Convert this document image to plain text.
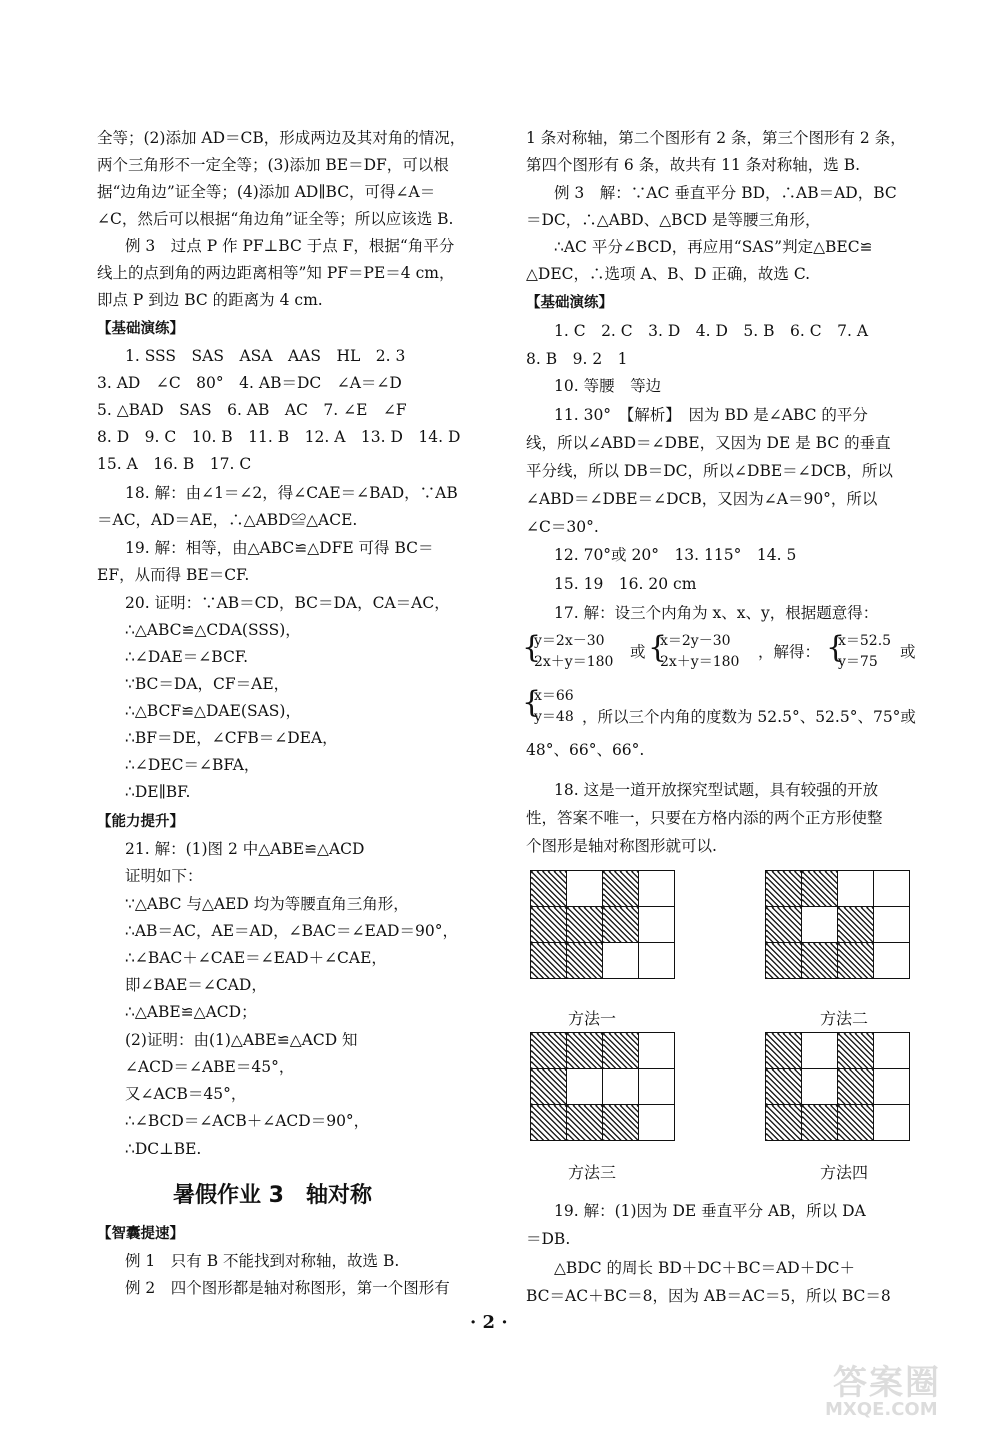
全等；(2)添加 AD＝CB，形成两边及其对角的情况，
两个三角形不一定全等；(3)添加 BE＝DF，可以根
据“边角边”证全等；(4)添加 AD∥BC，可得∠A＝
∠C，然后可以根据“角边角”证全等；所以应该选 B.
例 3　过点 P 作 PF⊥BC 于点 F，根据“角平分
线上的点到角的两边距离相等”知 PF＝PE＝4 cm，
即点 P 到边 BC 的距离为 4 cm.
【基础演练】
1. SSS　SAS　ASA　AAS　HL　2. 3
3. AD　∠C　80°　4. AB＝DC　∠A＝∠D
5. △BAD　SAS　6. AB　AC　7. ∠E　∠F
8. D　9. C　10. B　11. B　12. A　13. D　14. D
15. A　16. B　17. C
18. 解：由∠1＝∠2，得∠CAE＝∠BAD，∵AB
＝AC，AD＝AE，∴△ABD≌△ACE.
19. 解：相等，由△ABC≌△DFE 可得 BC＝
EF，从而得 BE＝CF.
20. 证明：∵AB＝CD，BC＝DA，CA＝AC，
∴△ABC≌△CDA(SSS)，
∴∠DAE＝∠BCF.
∵BC＝DA，CF＝AE，
∴△BCF≌△DAE(SAS)，
∴BF＝DE，∠CFB＝∠DEA，
∴∠DEC＝∠BFA，
∴DE∥BF.
【能力提升】
21. 解：(1)图 2 中△ABE≌△ACD
证明如下：
∵△ABC 与△AED 均为等腰直角三角形，
∴AB＝AC，AE＝AD，∠BAC＝∠EAD＝90°，
∴∠BAC＋∠CAE＝∠EAD＋∠CAE，
即∠BAE＝∠CAD，
∴△ABE≌△ACD；
(2)证明：由(1)△ABE≌△ACD 知
∠ACD＝∠ABE＝45°，
又∠ACB＝45°，
∴∠BCD＝∠ACB＋∠ACD＝90°，
∴DC⊥BE.
暑假作业 3　轴对称
【智囊提速】
例 1　只有 B 不能找到对称轴，故选 B.
例 2　四个图形都是轴对称图形，第一个图形有
1 条对称轴，第二个图形有 2 条，第三个图形有 2 条，
第四个图形有 6 条，故共有 11 条对称轴，选 B.
例 3　解：∵AC 垂直平分 BD，∴AB＝AD，BC
＝DC，∴△ABD、△BCD 是等腰三角形，
∴AC 平分∠BCD，再应用“SAS”判定△BEC≌
△DEC，∴选项 A、B、D 正确，故选 C.
【基础演练】
1. C　2. C　3. D　4. D　5. B　6. C　7. A
8. B　9. 2　1
10. 等腰　等边
11. 30°　【解析】　因为 BD 是∠ABC 的平分
线，所以∠ABD＝∠DBE，又因为 DE 是 BC 的垂直
平分线，所以 DB＝DC，所以∠DBE＝∠DCB，所以
∠ABD＝∠DBE＝∠DCB，又因为∠A＝90°，所以
∠C＝30°.
12. 70°或 20°　13. 115°　14. 5
15. 19　16. 20 cm
17. 解：设三个内角为 x、x、y，根据题意得：
{
y＝2x－30
2x＋y＝180
或 {
x＝2y－30
2x＋y＝180
，解得： {
x＝52.5
y＝75
或
{
x＝66
y＝48 ，所以三个内角的度数为 52.5°、52.5°、75°或
48°、66°、66°.
18. 这是一道开放探究型试题，具有较强的开放
性，答案不唯一，只要在方格内添的两个正方形使整
个图形是轴对称图形就可以.

方法一	方法二

方法三	方法四
19. 解：(1)因为 DE 垂直平分 AB，所以 DA
＝DB.
△BDC 的周长 BD＋DC＋BC＝AD＋DC＋
BC＝AC＋BC＝8，因为 AB＝AC＝5，所以 BC＝8
· 2 ·
答案圈
MXQE.COM
